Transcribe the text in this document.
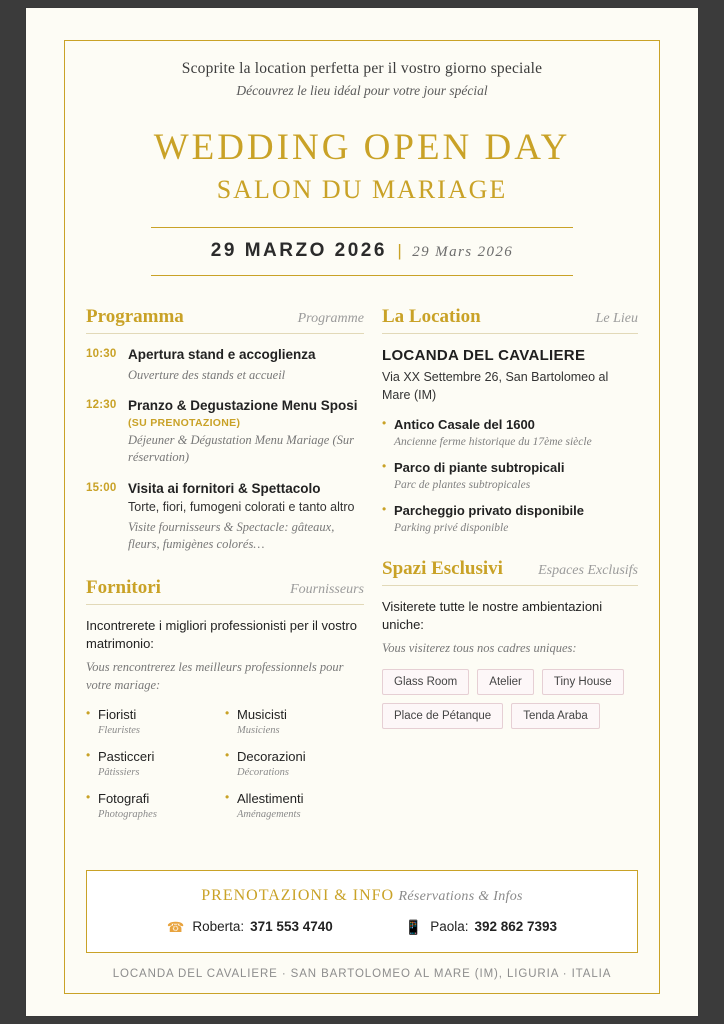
Scoprite la location perfetta per il vostro giorno speciale
Découvrez le lieu idéal pour votre jour spécial
WEDDING OPEN DAY
SALON DU MARIAGE
29 MARZO 2026 | 29 Mars 2026
Programma	Programme
10:30 Apertura stand e accoglienza
Ouverture des stands et accueil
12:30 Pranzo & Degustazione Menu Sposi
(SU PRENOTAZIONE)
Déjeuner & Dégustation Menu Mariage (Sur réservation)
15:00 Visita ai fornitori & Spettacolo
Torte, fiori, fumogeni colorati e tanto altro
Visite fournisseurs & Spectacle: gâteaux, fleurs, fumigènes colorés…
Fornitori	Fournisseurs
Incontrerete i migliori professionisti per il vostro matrimonio:
Vous rencontrerez les meilleurs professionnels pour votre mariage:
• Fioristi
Fleuristes
• Pasticceri
Pâtissiers
• Fotografi
Photographes
• Musicisti
Musiciens
• Decorazioni
Décorations
• Allestimenti
Aménagements
La Location	Le Lieu
LOCANDA DEL CAVALIERE
Via XX Settembre 26, San Bartolomeo al Mare (IM)
• Antico Casale del 1600
Ancienne ferme historique du 17ème siècle
• Parco di piante subtropicali
Parc de plantes subtropicales
• Parcheggio privato disponibile
Parking privé disponible
Spazi Esclusivi	Espaces Exclusifs
Visiterete tutte le nostre ambientazioni uniche:
Vous visiterez tous nos cadres uniques:
Glass Room	Atelier	Tiny House
Place de Pétanque	Tenda Araba
PRENOTAZIONI & INFO Réservations & Infos
☎ Roberta: 371 553 4740	📱 Paola: 392 862 7393
LOCANDA DEL CAVALIERE · SAN BARTOLOMEO AL MARE (IM), LIGURIA · ITALIA
